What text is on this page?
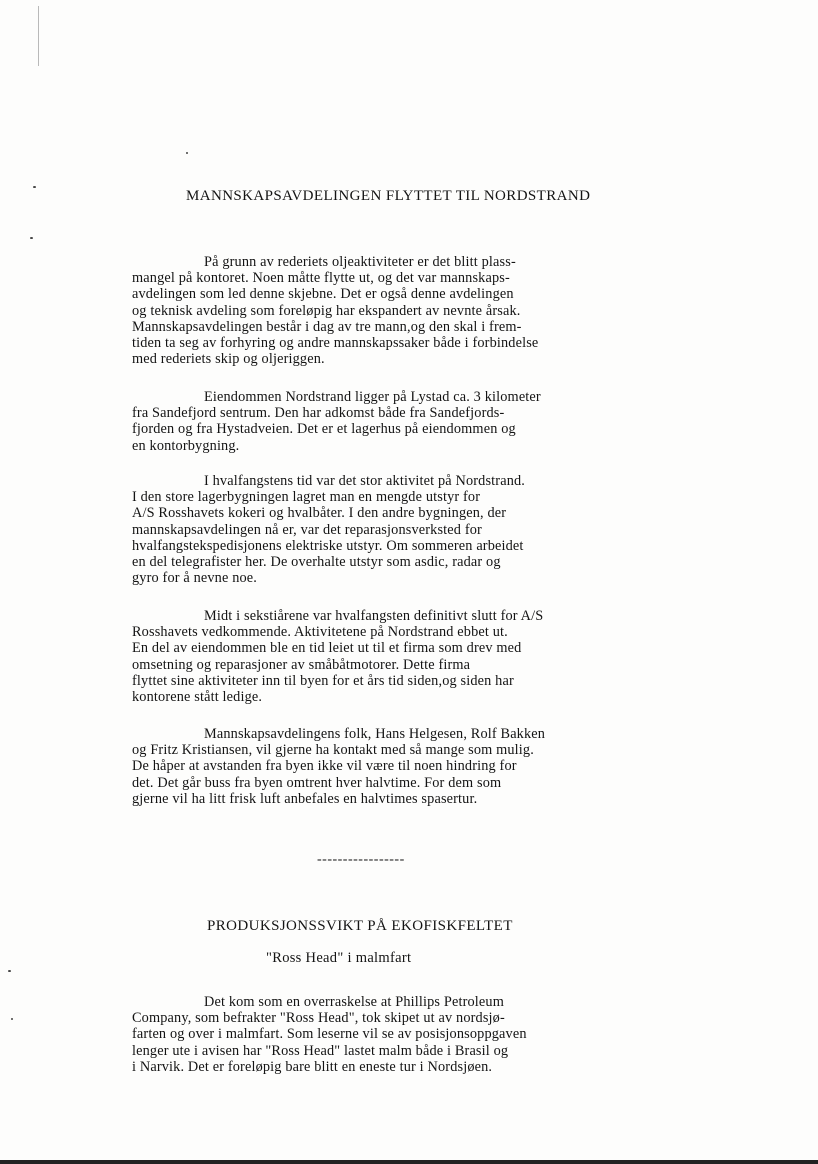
MANNSKAPSAVDELINGEN FLYTTET TIL NORDSTRAND
På grunn av rederiets oljeaktiviteter er det blitt plass-
mangel på kontoret. Noen måtte flytte ut, og det var mannskaps-
avdelingen som led denne skjebne. Det er også denne avdelingen
og teknisk avdeling som foreløpig har ekspandert av nevnte årsak.
Mannskapsavdelingen består i dag av tre mann,og den skal i frem-
tiden ta seg av forhyring og andre mannskapssaker både i forbindelse
med rederiets skip og oljeriggen.
Eiendommen Nordstrand ligger på Lystad ca. 3 kilometer
fra Sandefjord sentrum. Den har adkomst både fra Sandefjords-
fjorden og fra Hystadveien. Det er et lagerhus på eiendommen og
en kontorbygning.
I hvalfangstens tid var det stor aktivitet på Nordstrand.
I den store lagerbygningen lagret man en mengde utstyr for
A/S Rosshavets kokeri og hvalbåter. I den andre bygningen, der
mannskapsavdelingen nå er, var det reparasjonsverksted for
hvalfangstekspedisjonens elektriske utstyr. Om sommeren arbeidet
en del telegrafister her. De overhalte utstyr som asdic, radar og
gyro for å nevne noe.
Midt i sekstiårene var hvalfangsten definitivt slutt for A/S
Rosshavets vedkommende. Aktivitetene på Nordstrand ebbet ut.
En del av eiendommen ble en tid leiet ut til et firma som drev med
omsetning og reparasjoner av småbåtmotorer. Dette firma
flyttet sine aktiviteter inn til byen for et års tid siden,og siden har
kontorene stått ledige.
Mannskapsavdelingens folk, Hans Helgesen, Rolf Bakken
og Fritz Kristiansen, vil gjerne ha kontakt med så mange som mulig.
De håper at avstanden fra byen ikke vil være til noen hindring for
det. Det går buss fra byen omtrent hver halvtime. For dem som
gjerne vil ha litt frisk luft anbefales en halvtimes spasertur.
-----------------
PRODUKSJONSSVIKT PÅ EKOFISKFELTET
"Ross Head" i malmfart
Det kom som en overraskelse at Phillips Petroleum
Company, som befrakter "Ross Head", tok skipet ut av nordsjø-
farten og over i malmfart. Som leserne vil se av posisjonsoppgaven
lenger ute i avisen har "Ross Head" lastet malm både i Brasil og
i Narvik. Det er foreløpig bare blitt en eneste tur i Nordsjøen.
